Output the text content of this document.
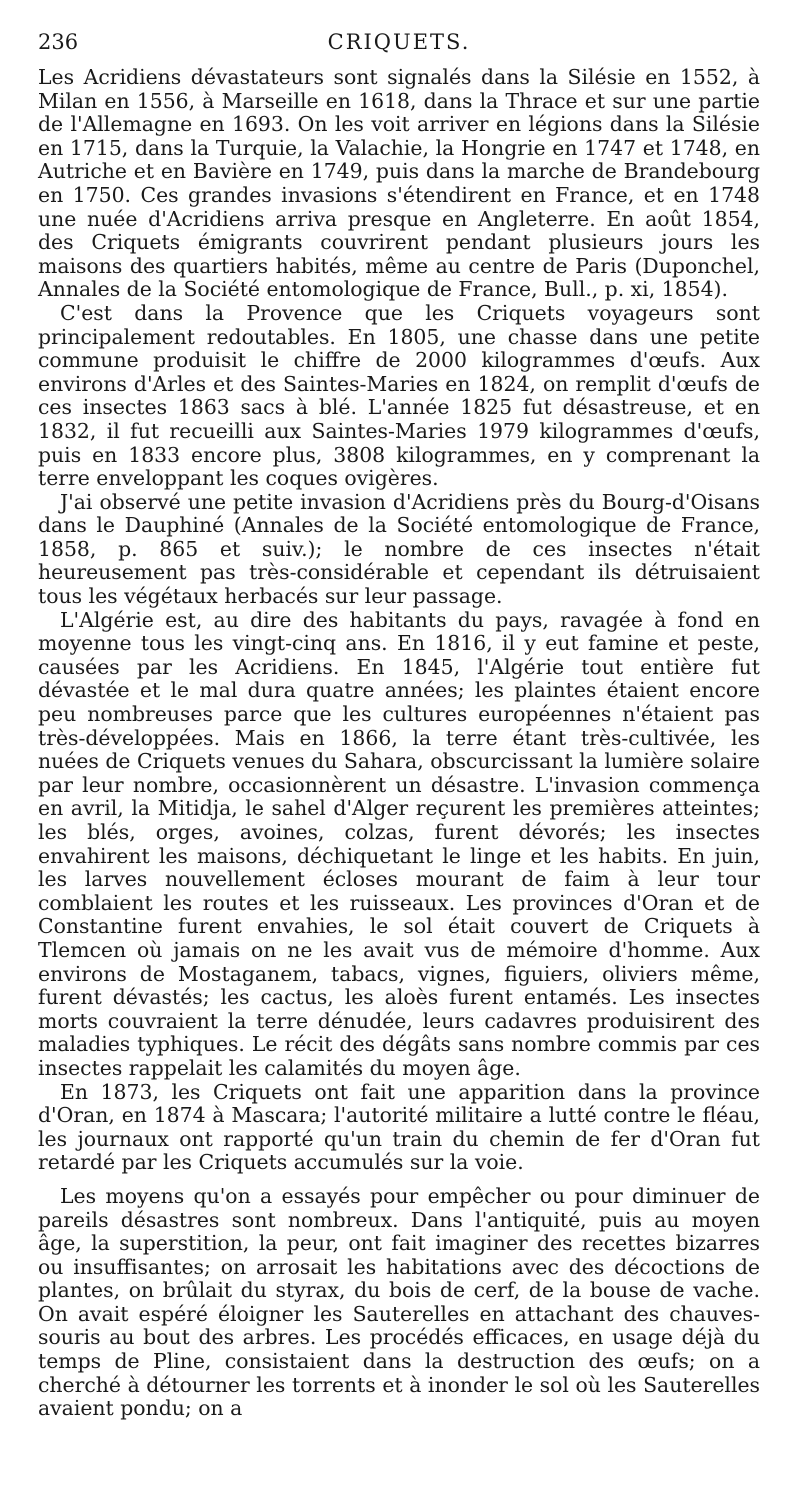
236	CRIQUETS.

Les Acridiens dévastateurs sont signalés dans la Silésie en 1552, à Milan en 1556, à Marseille en 1618, dans la Thrace et sur une partie de l'Allemagne en 1693. On les voit arriver en légions dans la Silésie en 1715, dans la Turquie, la Valachie, la Hongrie en 1747 et 1748, en Autriche et en Bavière en 1749, puis dans la marche de Brandebourg en 1750. Ces grandes invasions s'étendirent en France, et en 1748 une nuée d'Acridiens arriva presque en Angleterre. En août 1854, des Criquets émigrants couvrirent pendant plusieurs jours les maisons des quartiers habités, même au centre de Paris (Duponchel, Annales de la Société entomologique de France, Bull., p. xi, 1854).

C'est dans la Provence que les Criquets voyageurs sont principalement redoutables. En 1805, une chasse dans une petite commune produisit le chiffre de 2000 kilogrammes d'œufs. Aux environs d'Arles et des Saintes-Maries en 1824, on remplit d'œufs de ces insectes 1863 sacs à blé. L'année 1825 fut désastreuse, et en 1832, il fut recueilli aux Saintes-Maries 1979 kilogrammes d'œufs, puis en 1833 encore plus, 3808 kilogrammes, en y comprenant la terre enveloppant les coques ovigères.

J'ai observé une petite invasion d'Acridiens près du Bourg-d'Oisans dans le Dauphiné (Annales de la Société entomologique de France, 1858, p. 865 et suiv.); le nombre de ces insectes n'était heureusement pas très-considérable et cependant ils détruisaient tous les végétaux herbacés sur leur passage.

L'Algérie est, au dire des habitants du pays, ravagée à fond en moyenne tous les vingt-cinq ans. En 1816, il y eut famine et peste, causées par les Acridiens. En 1845, l'Algérie tout entière fut dévastée et le mal dura quatre années; les plaintes étaient encore peu nombreuses parce que les cultures européennes n'étaient pas très-développées. Mais en 1866, la terre étant très-cultivée, les nuées de Criquets venues du Sahara, obscurcissant la lumière solaire par leur nombre, occasionnèrent un désastre. L'invasion commença en avril, la Mitidja, le sahel d'Alger reçurent les premières atteintes; les blés, orges, avoines, colzas, furent dévorés; les insectes envahirent les maisons, déchiquetant le linge et les habits. En juin, les larves nouvellement écloses mourant de faim à leur tour comblaient les routes et les ruisseaux. Les provinces d'Oran et de Constantine furent envahies, le sol était couvert de Criquets à Tlemcen où jamais on ne les avait vus de mémoire d'homme. Aux environs de Mostaganem, tabacs, vignes, figuiers, oliviers même, furent dévastés; les cactus, les aloès furent entamés. Les insectes morts couvraient la terre dénudée, leurs cadavres produisirent des maladies typhiques. Le récit des dégâts sans nombre commis par ces insectes rappelait les calamités du moyen âge.

En 1873, les Criquets ont fait une apparition dans la province d'Oran, en 1874 à Mascara; l'autorité militaire a lutté contre le fléau, les journaux ont rapporté qu'un train du chemin de fer d'Oran fut retardé par les Criquets accumulés sur la voie.

Les moyens qu'on a essayés pour empêcher ou pour diminuer de pareils désastres sont nombreux. Dans l'antiquité, puis au moyen âge, la superstition, la peur, ont fait imaginer des recettes bizarres ou insuffisantes; on arrosait les habitations avec des décoctions de plantes, on brûlait du styrax, du bois de cerf, de la bouse de vache. On avait espéré éloigner les Sauterelles en attachant des chauves-souris au bout des arbres. Les procédés efficaces, en usage déjà du temps de Pline, consistaient dans la destruction des œufs; on a cherché à détourner les torrents et à inonder le sol où les Sauterelles avaient pondu; on a
